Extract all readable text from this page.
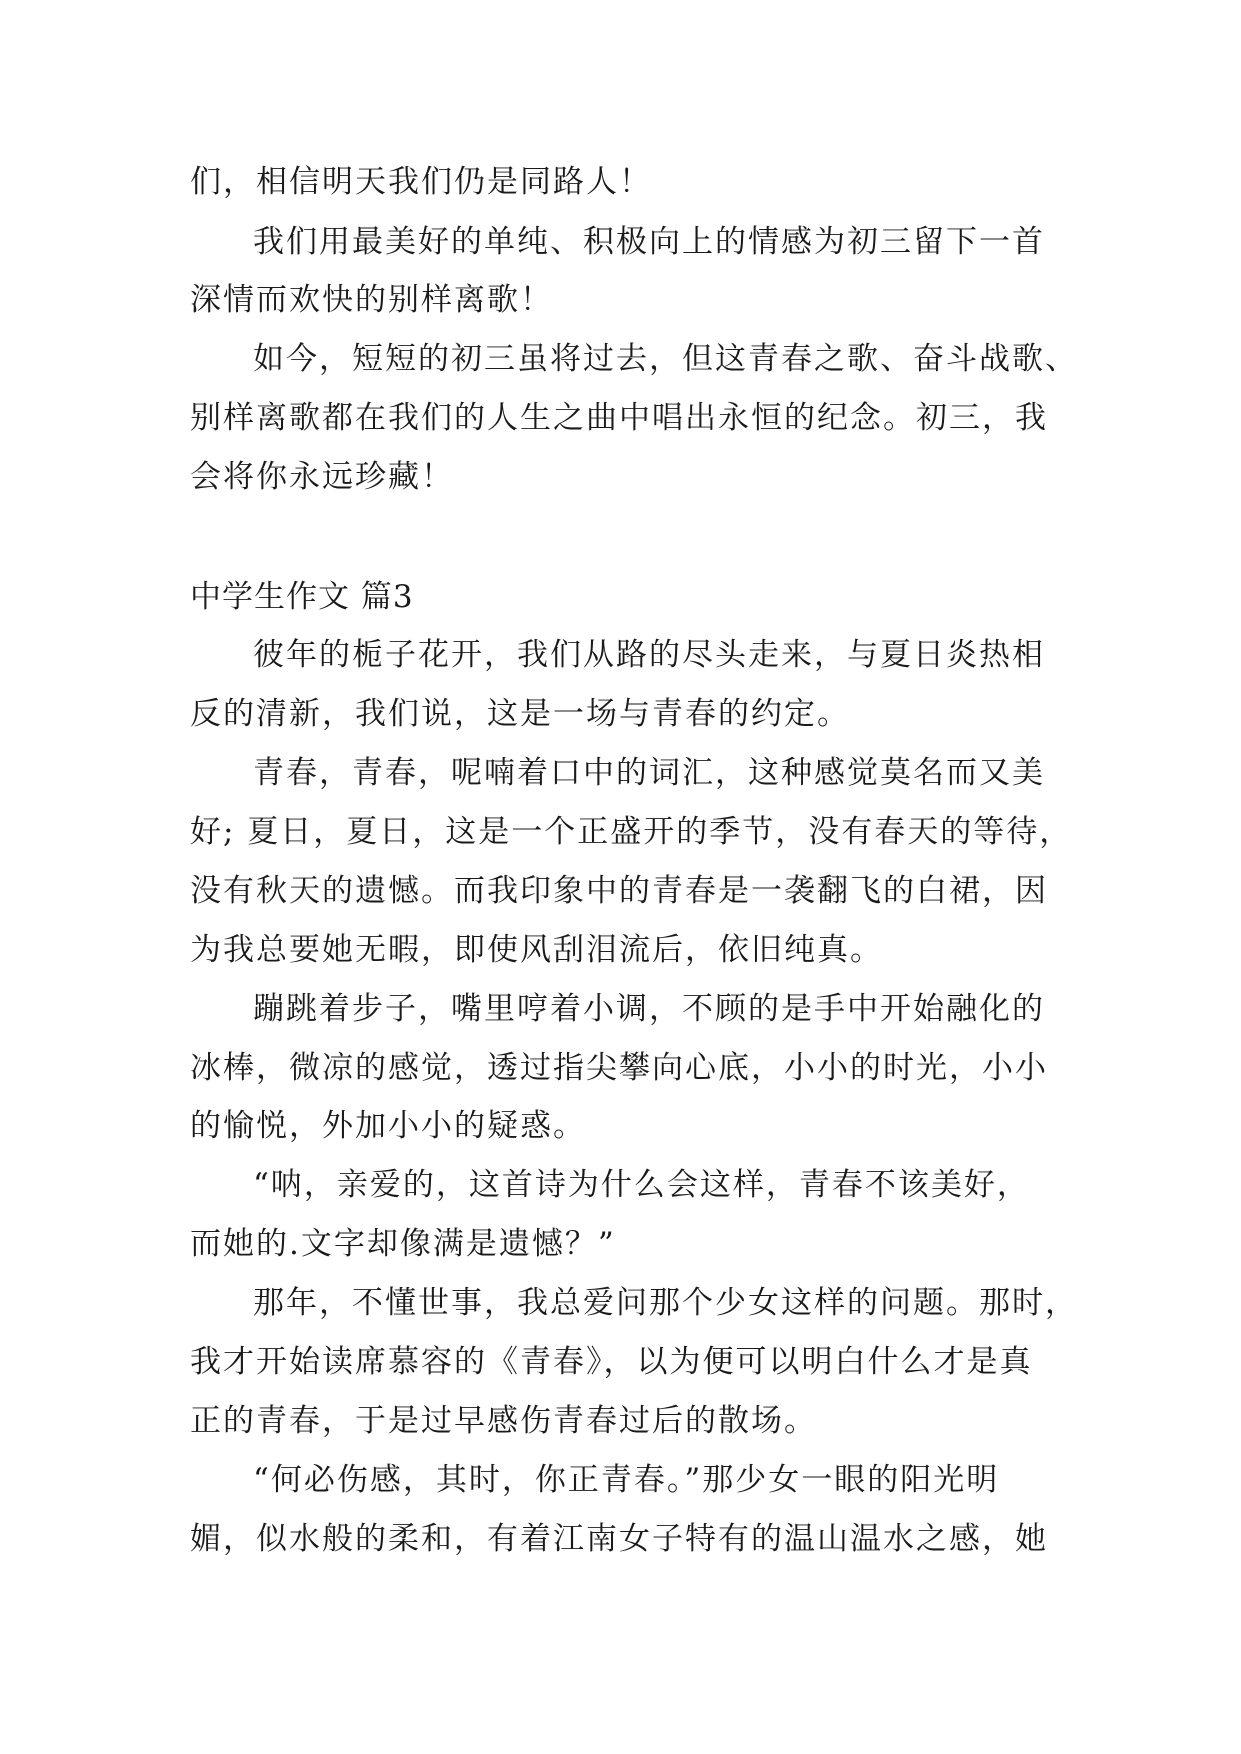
们，相信明天我们仍是同路人！
我们用最美好的单纯、积极向上的情感为初三留下一首
深情而欢快的别样离歌！
如今，短短的初三虽将过去，但这青春之歌、奋斗战歌、
别样离歌都在我们的人生之曲中唱出永恒的纪念。初三，我
会将你永远珍藏！
中学生作文 篇3
彼年的栀子花开，我们从路的尽头走来，与夏日炎热相
反的清新，我们说，这是一场与青春的约定。
青春，青春，呢喃着口中的词汇，这种感觉莫名而又美
好; 夏日，夏日，这是一个正盛开的季节，没有春天的等待，
没有秋天的遗憾。而我印象中的青春是一袭翻飞的白裙，因
为我总要她无暇，即使风刮泪流后，依旧纯真。
蹦跳着步子，嘴里哼着小调，不顾的是手中开始融化的
冰棒，微凉的感觉，透过指尖攀向心底，小小的时光，小小
的愉悦，外加小小的疑惑。
“呐，亲爱的，这首诗为什么会这样，青春不该美好，
而她的.文字却像满是遗憾？”
那年，不懂世事，我总爱问那个少女这样的问题。那时，
我才开始读席慕容的《青春》，以为便可以明白什么才是真
正的青春，于是过早感伤青春过后的散场。
“何必伤感，其时，你正青春。”那少女一眼的阳光明
媚，似水般的柔和，有着江南女子特有的温山温水之感，她
